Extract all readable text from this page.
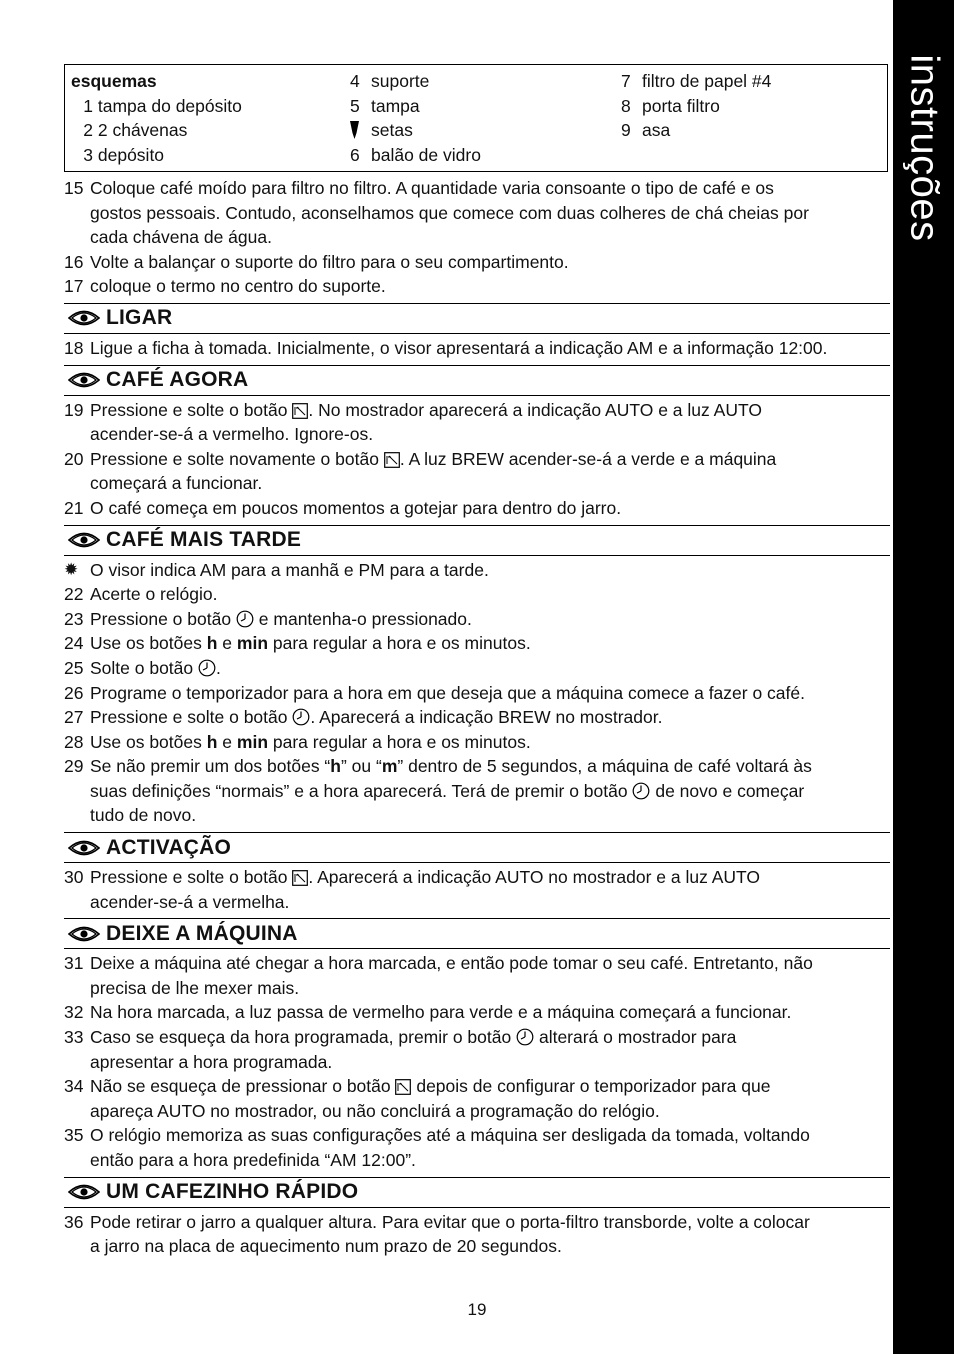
instruções
esquemas
1 tampa do depósito
2 2 chávenas
3 depósito
4 suporte
5 tampa
setas
6 balão de vidro
7 filtro de papel #4
8 porta filtro
9 asa
15 Coloque café moído para filtro no filtro. A quantidade varia consoante o tipo de café e os
gostos pessoais. Contudo, aconselhamos que comece com duas colheres de chá cheias por
cada chávena de água.
16 Volte a balançar o suporte do filtro para o seu compartimento.
17 coloque o termo no centro do suporte.
LIGAR
18 Ligue a ficha à tomada. Inicialmente, o visor apresentará a indicação AM e a informação 12:00.
CAFÉ AGORA
19 Pressione e solte o botão . No mostrador aparecerá a indicação AUTO e a luz AUTO
acender-se-á a vermelho. Ignore-os.
20 Pressione e solte novamente o botão . A luz BREW acender-se-á a verde e a máquina
começará a funcionar.
21 O café começa em poucos momentos a gotejar para dentro do jarro.
CAFÉ MAIS TARDE
✹ O visor indica AM para a manhã e PM para a tarde.
22 Acerte o relógio.
23 Pressione o botão  e mantenha-o pressionado.
24 Use os botões h e min para regular a hora e os minutos.
25 Solte o botão .
26 Programe o temporizador para a hora em que deseja que a máquina comece a fazer o café.
27 Pressione e solte o botão . Aparecerá a indicação BREW no mostrador.
28 Use os botões h e min para regular a hora e os minutos.
29 Se não premir um dos botões “h” ou “m” dentro de 5 segundos, a máquina de café voltará às
suas definições “normais” e a hora aparecerá. Terá de premir o botão  de novo e começar
tudo de novo.
ACTIVAÇÃO
30 Pressione e solte o botão . Aparecerá a indicação AUTO no mostrador e a luz AUTO
acender-se-á a vermelha.
DEIXE A MÁQUINA
31 Deixe a máquina até chegar a hora marcada, e então pode tomar o seu café. Entretanto, não
precisa de lhe mexer mais.
32 Na hora marcada, a luz passa de vermelho para verde e a máquina começará a funcionar.
33 Caso se esqueça da hora programada, premir o botão  alterará o mostrador para
apresentar a hora programada.
34 Não se esqueça de pressionar o botão  depois de configurar o temporizador para que
apareça AUTO no mostrador, ou não concluirá a programação do relógio.
35 O relógio memoriza as suas configurações até a máquina ser desligada da tomada, voltando
então para a hora predefinida “AM 12:00”.
UM CAFEZINHO RÁPIDO
36 Pode retirar o jarro a qualquer altura. Para evitar que o porta-filtro transborde, volte a colocar
a jarro na placa de aquecimento num prazo de 20 segundos.
19
